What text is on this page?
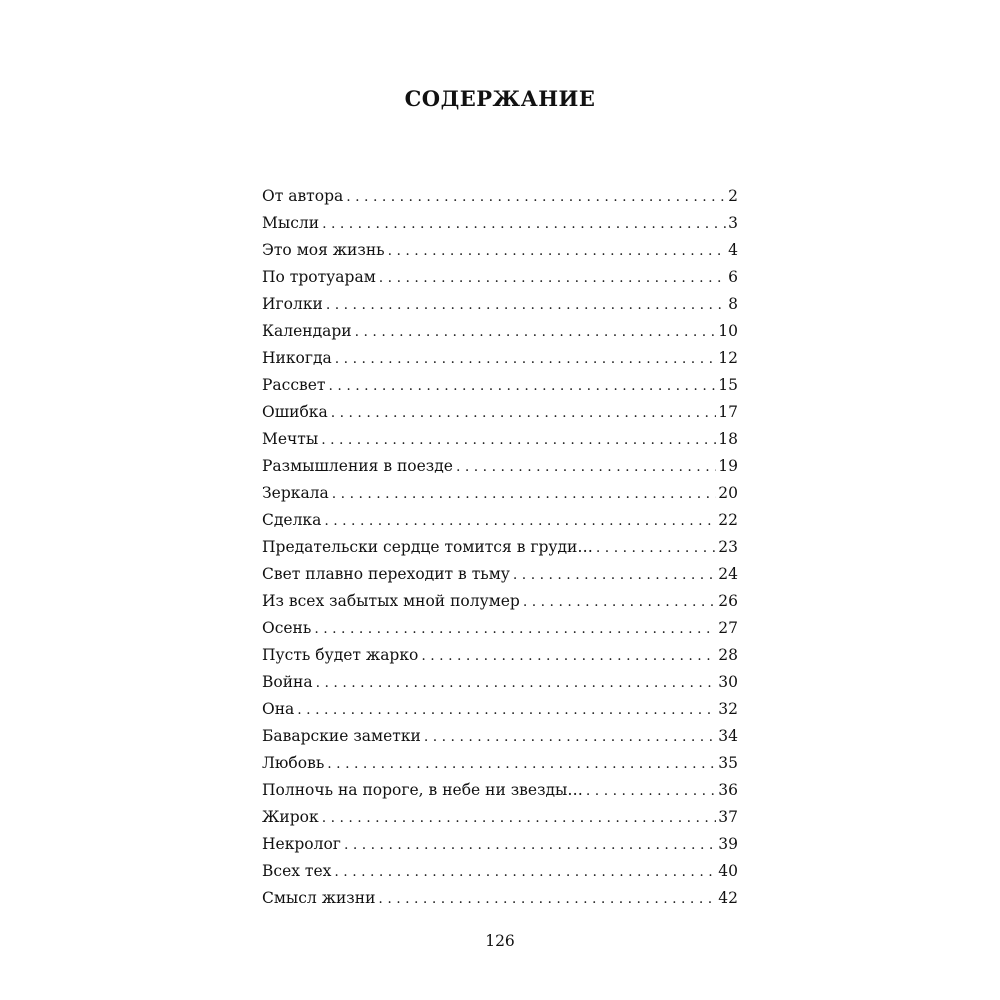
СОДЕРЖАНИЕ
От автора . . .	2
Мысли . . .	3
Это моя жизнь . . .	4
По тротуарам . . .	6
Иголки . . .	8
Календари . . .	10
Никогда . . .	12
Рассвет . . .	15
Ошибка . . .	17
Мечты . . .	18
Размышления в поезде . . .	19
Зеркала . . .	20
Сделка . . .	22
Предательски сердце томится в груди… . . .	23
Свет плавно переходит в тьму . . .	24
Из всех забытых мной полумер . . .	26
Осень . . .	27
Пусть будет жарко . . .	28
Война . . .	30
Она . . .	32
Баварские заметки . . .	34
Любовь . . .	35
Полночь на пороге, в небе ни звезды… . . .	36
Жирок . . .	37
Некролог . . .	39
Всех тех . . .	40
Смысл жизни . . .	42
126
